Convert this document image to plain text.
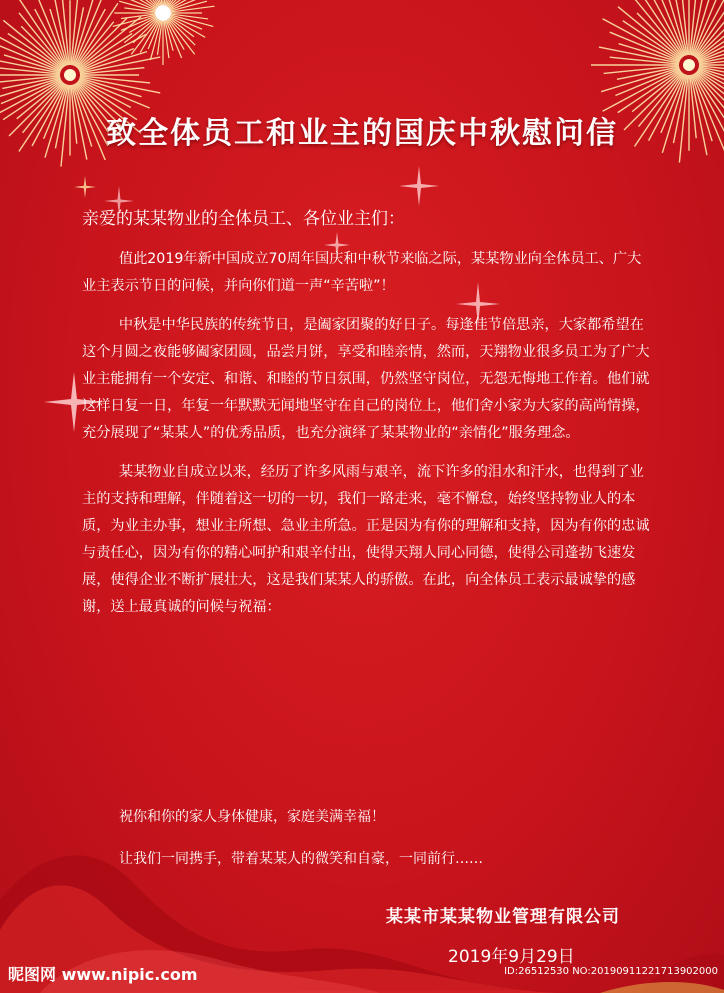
致全体员工和业主的国庆中秋慰问信
亲爱的某某物业的全体员工、各位业主们：

值此2019年新中国成立70周年国庆和中秋节来临之际，某某物业向全体员工、广大业主表示节日的问候，并向你们道一声“辛苦啦”！

中秋是中华民族的传统节日，是阖家团聚的好日子。每逢佳节倍思亲，大家都希望在这个月圆之夜能够阖家团圆，品尝月饼，享受和睦亲情，然而，天翔物业很多员工为了广大业主能拥有一个安定、和谐、和睦的节日氛围，仍然坚守岗位，无怨无悔地工作着。他们就这样日复一日，年复一年默默无闻地坚守在自己的岗位上，他们舍小家为大家的高尚情操，充分展现了“某某人”的优秀品质，也充分演绎了某某物业的“亲情化”服务理念。

某某物业自成立以来，经历了许多风雨与艰辛，流下许多的泪水和汗水，也得到了业主的支持和理解，伴随着这一切的一切，我们一路走来，毫不懈怠，始终坚持物业人的本质，为业主办事，想业主所想、急业主所急。正是因为有你的理解和支持，因为有你的忠诚与责任心，因为有你的精心呵护和艰辛付出，使得天翔人同心同德，使得公司蓬勃飞速发展，使得企业不断扩展壮大，这是我们某某人的骄傲。在此，向全体员工表示最诚挚的感谢，送上最真诚的问候与祝福：

祝你和你的家人身体健康，家庭美满幸福！
让我们一同携手，带着某某人的微笑和自豪，一同前行……
某某市某某物业管理有限公司
2019年9月29日
昵图网 www.nipic.com	ID:26512530 NO:20190911221713902000
